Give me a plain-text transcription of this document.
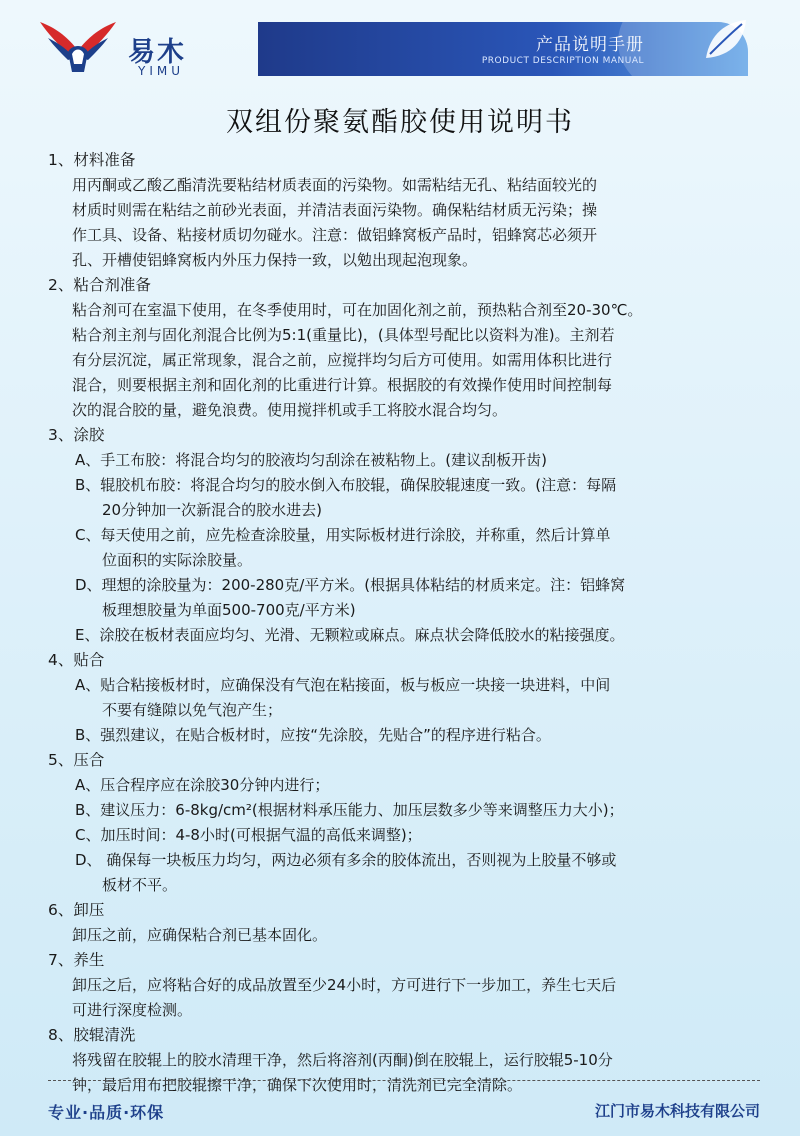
易木
YIMU
产品说明手册
PRODUCT DESCRIPTION MANUAL
双组份聚氨酯胶使用说明书
1、材料准备
用丙酮或乙酸乙酯清洗要粘结材质表面的污染物。如需粘结无孔、粘结面较光的
材质时则需在粘结之前砂光表面，并清洁表面污染物。确保粘结材质无污染；操
作工具、设备、粘接材质切勿碰水。注意：做铝蜂窝板产品时，铝蜂窝芯必须开
孔、开槽使铝蜂窝板内外压力保持一致，以勉出现起泡现象。
2、粘合剂准备
粘合剂可在室温下使用，在冬季使用时，可在加固化剂之前，预热粘合剂至20-30℃。
粘合剂主剂与固化剂混合比例为5:1(重量比)，(具体型号配比以资料为准)。主剂若
有分层沉淀，属正常现象，混合之前，应搅拌均匀后方可使用。如需用体积比进行
混合，则要根据主剂和固化剂的比重进行计算。根据胶的有效操作使用时间控制每
次的混合胶的量，避免浪费。使用搅拌机或手工将胶水混合均匀。
3、涂胶
A、手工布胶：将混合均匀的胶液均匀刮涂在被粘物上。(建议刮板开齿)
B、辊胶机布胶：将混合均匀的胶水倒入布胶辊，确保胶辊速度一致。(注意：每隔
20分钟加一次新混合的胶水进去)
C、每天使用之前，应先检查涂胶量，用实际板材进行涂胶，并称重，然后计算单
位面积的实际涂胶量。
D、理想的涂胶量为：200-280克/平方米。(根据具体粘结的材质来定。注：铝蜂窝
板理想胶量为单面500-700克/平方米)
E、涂胶在板材表面应均匀、光滑、无颗粒或麻点。麻点状会降低胶水的粘接强度。
4、贴合
A、贴合粘接板材时，应确保没有气泡在粘接面，板与板应一块接一块进料，中间
不要有缝隙以免气泡产生；
B、强烈建议，在贴合板材时，应按“先涂胶，先贴合”的程序进行粘合。
5、压合
A、压合程序应在涂胶30分钟内进行；
B、建议压力：6-8kg/cm²(根据材料承压能力、加压层数多少等来调整压力大小)；
C、加压时间：4-8小时(可根据气温的高低来调整)；
D、 确保每一块板压力均匀，两边必须有多余的胶体流出，否则视为上胶量不够或
板材不平。
6、卸压
卸压之前，应确保粘合剂已基本固化。
7、养生
卸压之后，应将粘合好的成品放置至少24小时，方可进行下一步加工，养生七天后
可进行深度检测。
8、胶辊清洗
将残留在胶辊上的胶水清理干净，然后将溶剂(丙酮)倒在胶辊上，运行胶辊5-10分
钟，最后用布把胶辊擦干净，确保下次使用时，清洗剂已完全清除。
专业·品质·环保	江门市易木科技有限公司
